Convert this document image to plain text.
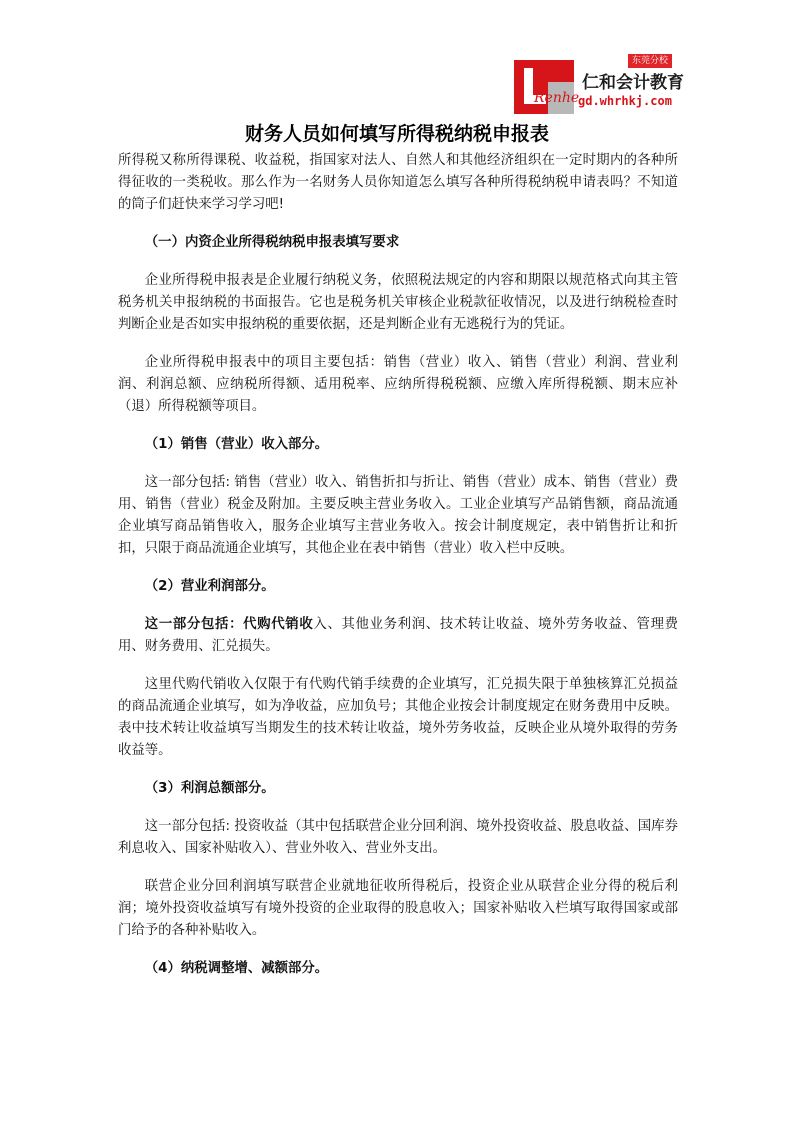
Renhe
东莞分校
仁和会计教育
gd.whrhkj.com
财务人员如何填写所得税纳税申报表

所得税又称所得课税、收益税，指国家对法人、自然人和其他经济组织在一定时期内的各种所得征收的一类税收。那么作为一名财务人员你知道怎么填写各种所得税纳税申请表吗？不知道的筒子们赶快来学习学习吧!

（一）内资企业所得税纳税申报表填写要求

企业所得税申报表是企业履行纳税义务，依照税法规定的内容和期限以规范格式向其主管税务机关申报纳税的书面报告。它也是税务机关审核企业税款征收情况，以及进行纳税检查时判断企业是否如实申报纳税的重要依据，还是判断企业有无逃税行为的凭证。

企业所得税申报表中的项目主要包括：销售（营业）收入、销售（营业）利润、营业利润、利润总额、应纳税所得额、适用税率、应纳所得税税额、应缴入库所得税额、期末应补（退）所得税额等项目。

（1）销售（营业）收入部分。

这一部分包括: 销售（营业）收入、销售折扣与折让、销售（营业）成本、销售（营业）费用、销售（营业）税金及附加。主要反映主营业务收入。工业企业填写产品销售额，商品流通企业填写商品销售收入，服务企业填写主营业务收入。按会计制度规定，表中销售折让和折扣，只限于商品流通企业填写，其他企业在表中销售（营业）收入栏中反映。

（2）营业利润部分。

这一部分包括：代购代销收入、其他业务利润、技术转让收益、境外劳务收益、管理费用、财务费用、汇兑损失。

这里代购代销收入仅限于有代购代销手续费的企业填写，汇兑损失限于单独核算汇兑损益的商品流通企业填写，如为净收益，应加负号；其他企业按会计制度规定在财务费用中反映。表中技术转让收益填写当期发生的技术转让收益，境外劳务收益，反映企业从境外取得的劳务收益等。

（3）利润总额部分。

这一部分包括: 投资收益（其中包括联营企业分回利润、境外投资收益、股息收益、国库券利息收入、国家补贴收入）、营业外收入、营业外支出。

联营企业分回利润填写联营企业就地征收所得税后，投资企业从联营企业分得的税后利润；境外投资收益填写有境外投资的企业取得的股息收入；国家补贴收入栏填写取得国家或部门给予的各种补贴收入。

（4）纳税调整增、减额部分。
